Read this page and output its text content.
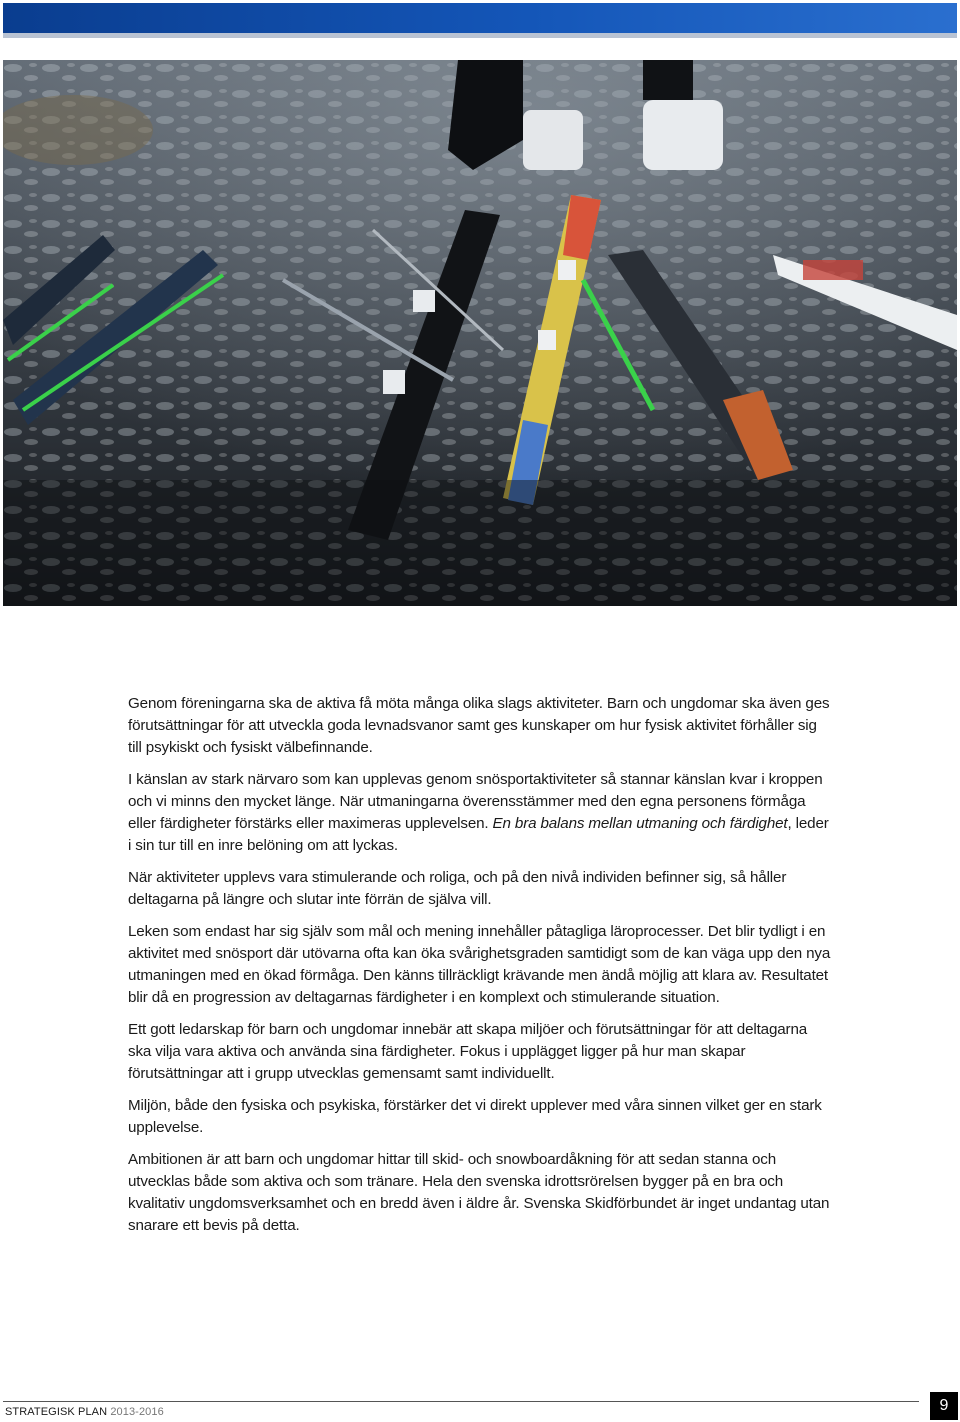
Genom föreningarna ska de aktiva få möta många olika slags aktiviteter. Barn och ungdomar ska även ges förutsättningar för att utveckla goda levnadsvanor samt ges kunskaper om hur fysisk aktivitet förhåller sig till psykiskt och fysiskt välbefinnande.

I känslan av stark närvaro som kan upplevas genom snösportaktiviteter så stannar känslan kvar i kroppen och vi minns den mycket länge. När utmaningarna överensstämmer med den egna personens förmåga eller färdigheter förstärks eller maximeras upplevelsen. En bra balans mellan utmaning och färdighet, leder i sin tur till en inre belöning om att lyckas.

När aktiviteter upplevs vara stimulerande och roliga, och på den nivå individen befinner sig, så håller deltagarna på längre och slutar inte förrän de själva vill.

Leken som endast har sig själv som mål och mening innehåller påtagliga läroprocesser. Det blir tydligt i en aktivitet med snösport där utövarna ofta kan öka svårighetsgraden samtidigt som de kan väga upp den nya utmaningen med en ökad förmåga. Den känns tillräckligt krävande men ändå möjlig att klara av. Resultatet blir då en progression av deltagarnas färdigheter i en komplext och stimulerande situation.

Ett gott ledarskap för barn och ungdomar innebär att skapa miljöer och förutsättningar för att deltagarna ska vilja vara aktiva och använda sina färdigheter. Fokus i upplägget ligger på hur man skapar förutsättningar att i grupp utvecklas gemensamt samt individuellt.

Miljön, både den fysiska och psykiska, förstärker det vi direkt upplever med våra sinnen vilket ger en stark upplevelse.

Ambitionen är att barn och ungdomar hittar till skid- och snowboardåkning för att sedan stanna och utvecklas både som aktiva och som tränare. Hela den svenska idrottsrörelsen bygger på en bra och kvalitativ ungdomsverksamhet och en bredd även i äldre år. Svenska Skidförbundet är inget undantag utan snarare ett bevis på detta.

STRATEGISK PLAN 2013-2016	9
